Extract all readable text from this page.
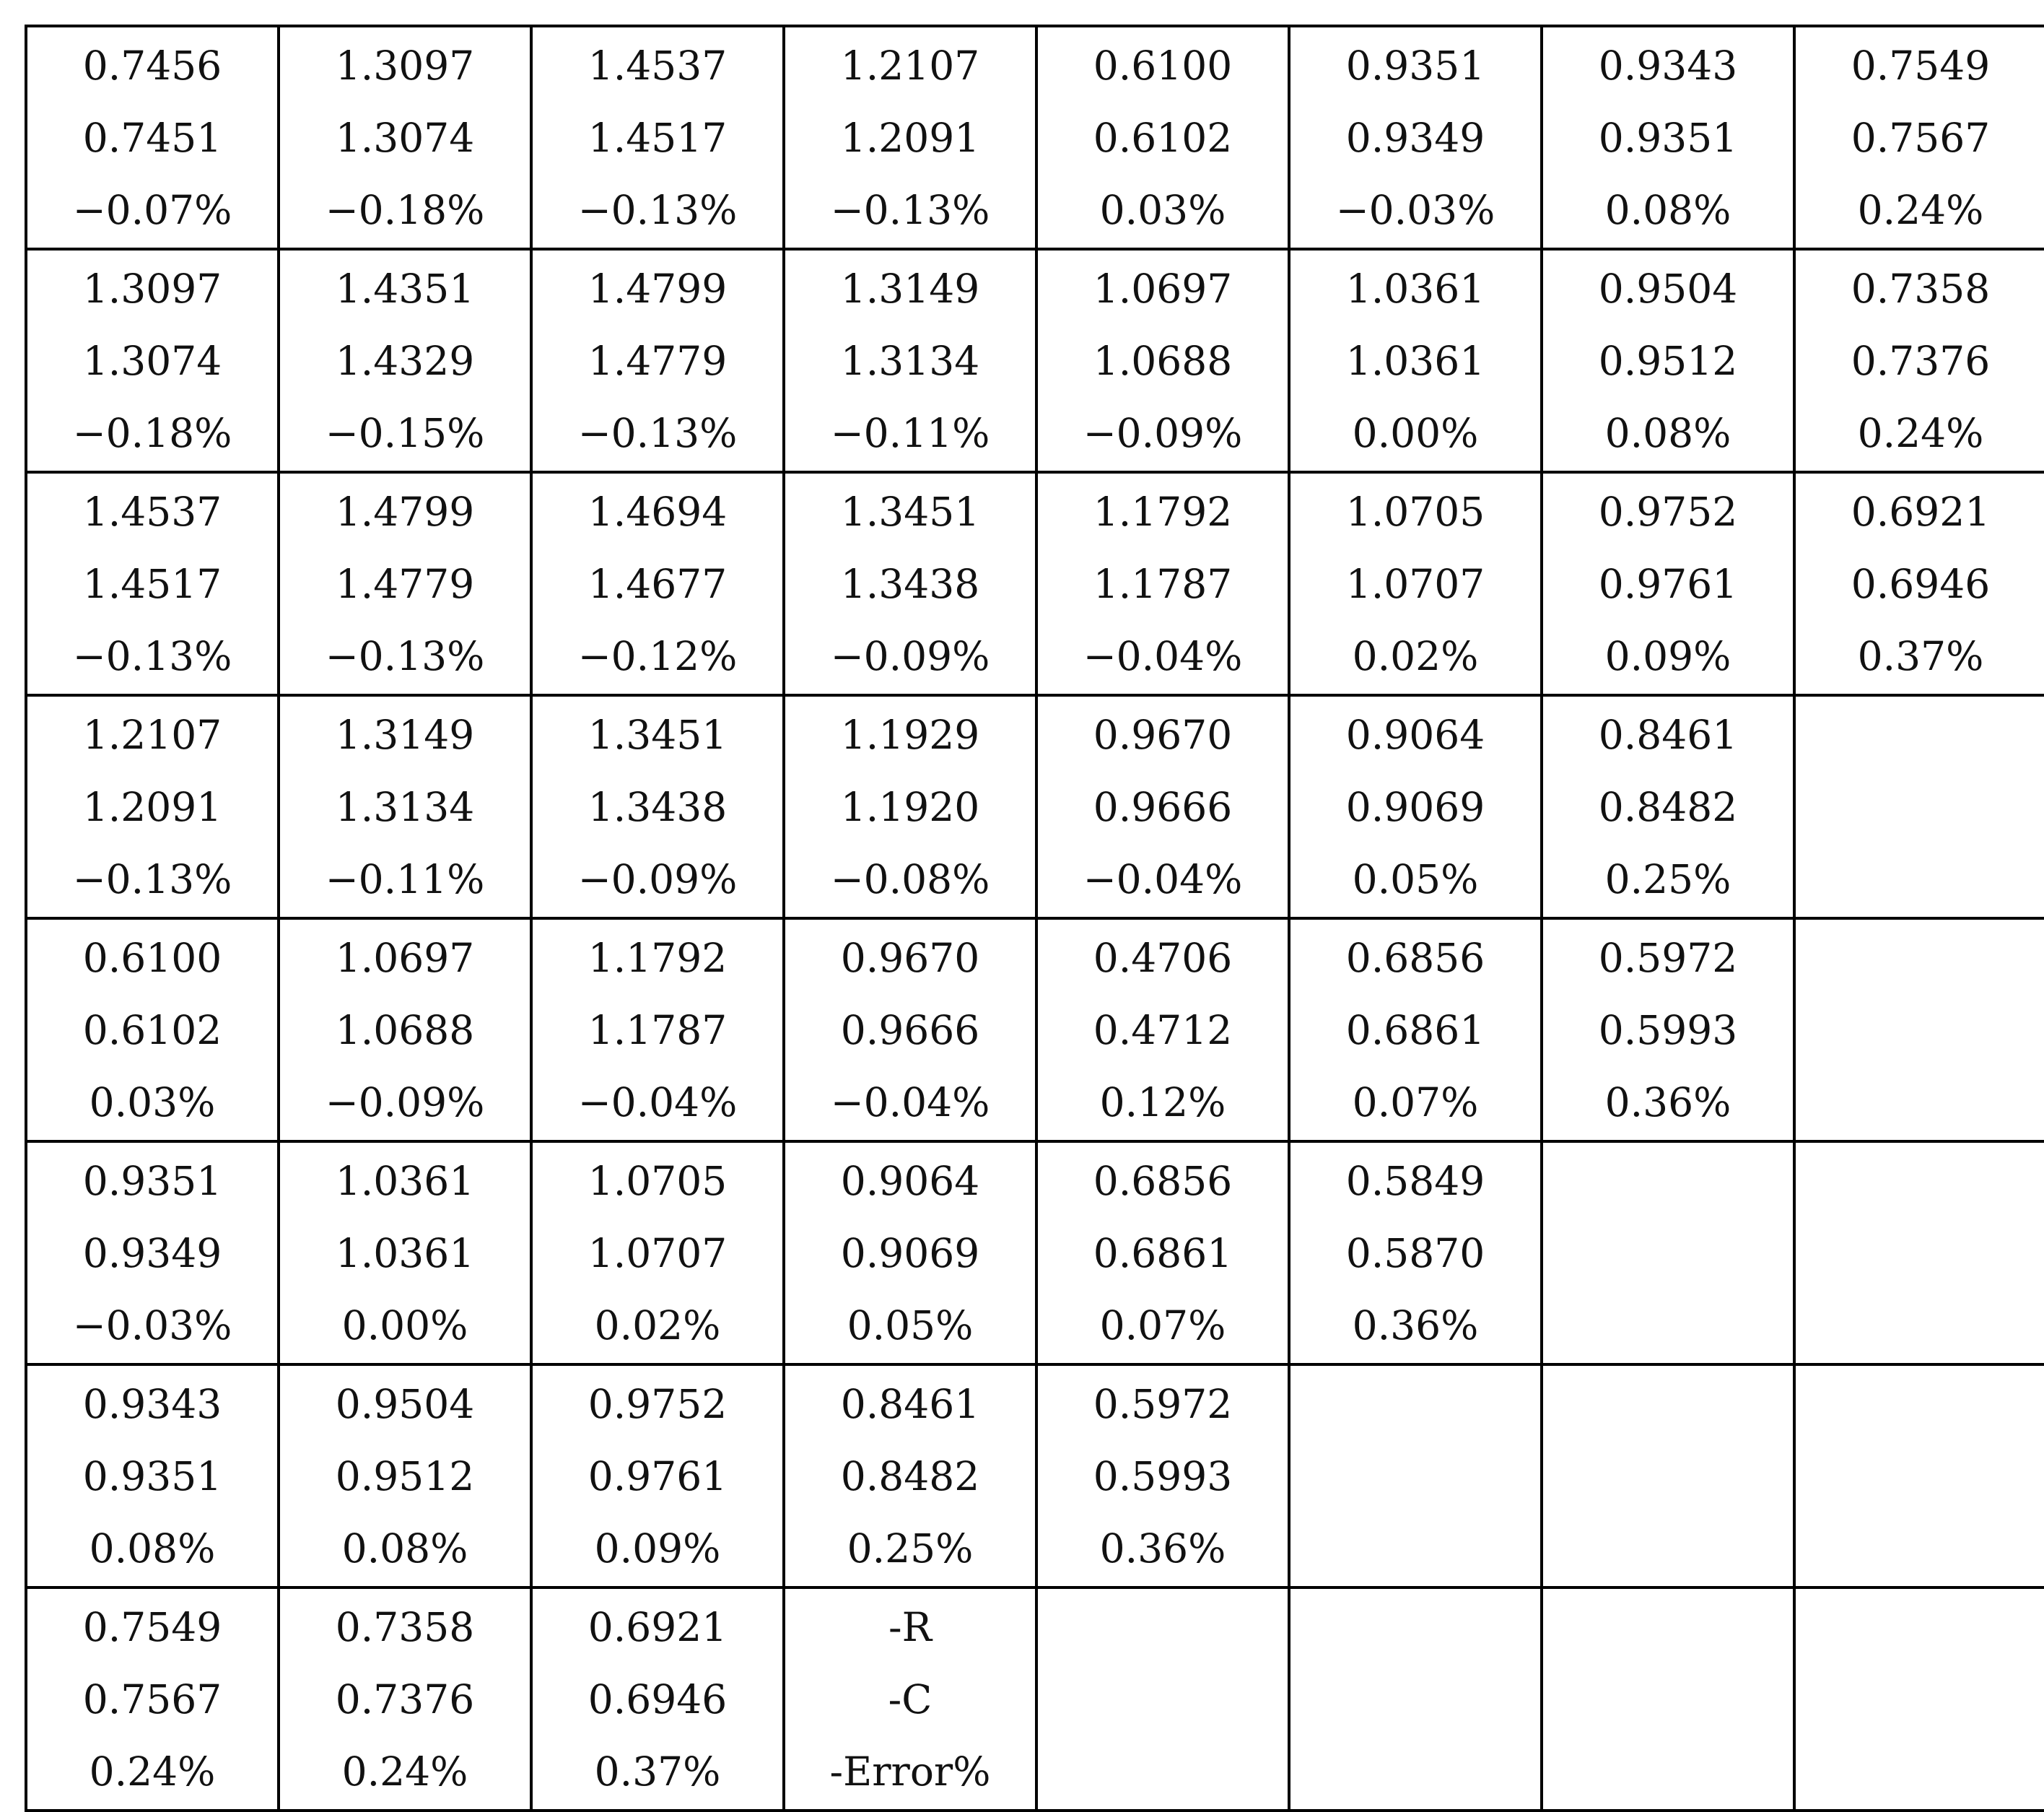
0.7456
0.7451
−0.07%	1.3097
1.3074
−0.18%	1.4537
1.4517
−0.13%	1.2107
1.2091
−0.13%	0.6100
0.6102
0.03%	0.9351
0.9349
−0.03%	0.9343
0.9351
0.08%	0.7549
0.7567
0.24%

1.3097
1.3074
−0.18%	1.4351
1.4329
−0.15%	1.4799
1.4779
−0.13%	1.3149
1.3134
−0.11%	1.0697
1.0688
−0.09%	1.0361
1.0361
0.00%	0.9504
0.9512
0.08%	0.7358
0.7376
0.24%

1.4537
1.4517
−0.13%	1.4799
1.4779
−0.13%	1.4694
1.4677
−0.12%	1.3451
1.3438
−0.09%	1.1792
1.1787
−0.04%	1.0705
1.0707
0.02%	0.9752
0.9761
0.09%	0.6921
0.6946
0.37%

1.2107
1.2091
−0.13%	1.3149
1.3134
−0.11%	1.3451
1.3438
−0.09%	1.1929
1.1920
−0.08%	0.9670
0.9666
−0.04%	0.9064
0.9069
0.05%	0.8461
0.8482
0.25%	

0.6100
0.6102
0.03%	1.0697
1.0688
−0.09%	1.1792
1.1787
−0.04%	0.9670
0.9666
−0.04%	0.4706
0.4712
0.12%	0.6856
0.6861
0.07%	0.5972
0.5993
0.36%	

0.9351
0.9349
−0.03%	1.0361
1.0361
0.00%	1.0705
1.0707
0.02%	0.9064
0.9069
0.05%	0.6856
0.6861
0.07%	0.5849
0.5870
0.36%		

0.9343
0.9351
0.08%	0.9504
0.9512
0.08%	0.9752
0.9761
0.09%	0.8461
0.8482
0.25%	0.5972
0.5993
0.36%			

0.7549
0.7567
0.24%	0.7358
0.7376
0.24%	0.6921
0.6946
0.37%	-R
-C
-Error%				
